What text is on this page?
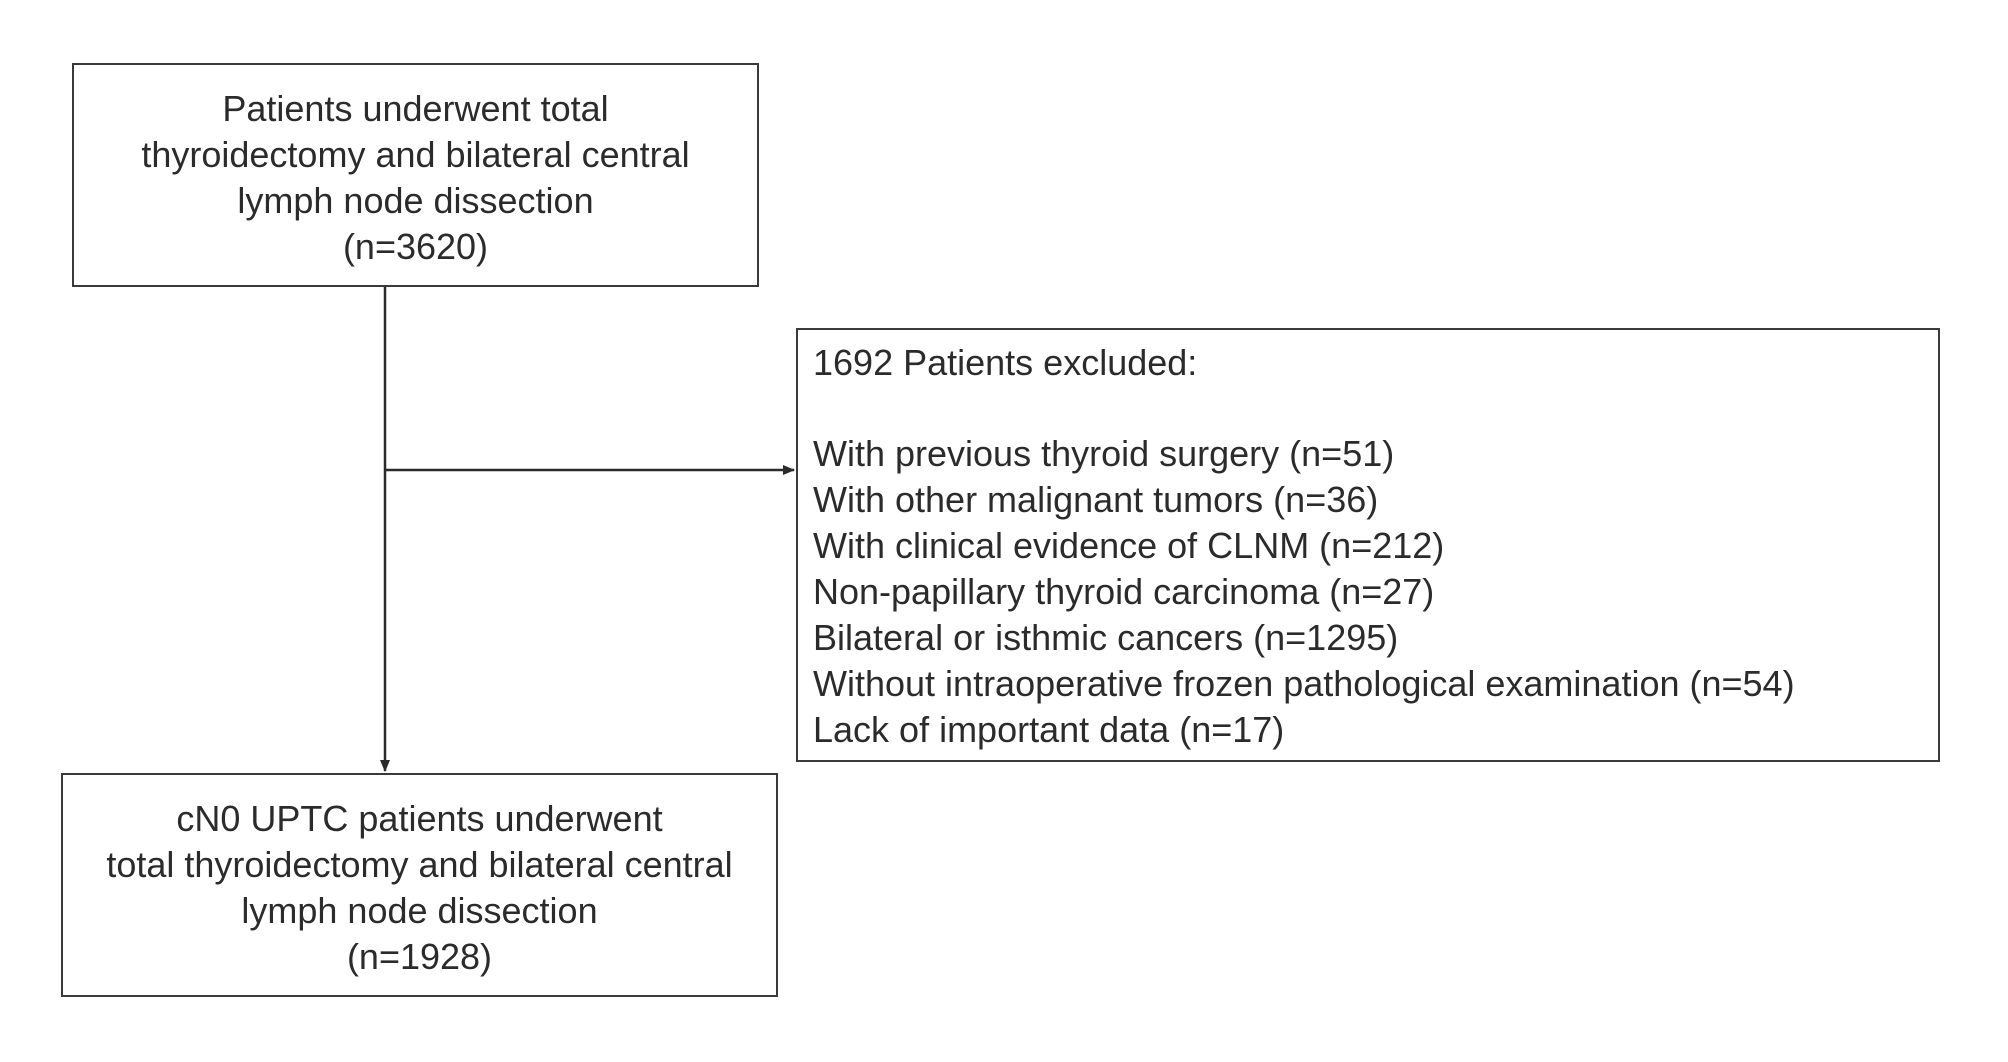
Patients underwent total
thyroidectomy and bilateral central
lymph node dissection
(n=3620)
1692 Patients excluded:
With previous thyroid surgery (n=51)
With other malignant tumors (n=36)
With clinical evidence of CLNM (n=212)
Non-papillary thyroid carcinoma (n=27)
Bilateral or isthmic cancers (n=1295)
Without intraoperative frozen pathological examination (n=54)
Lack of important data (n=17)
cN0 UPTC patients underwent
total thyroidectomy and bilateral central
lymph node dissection
(n=1928)
